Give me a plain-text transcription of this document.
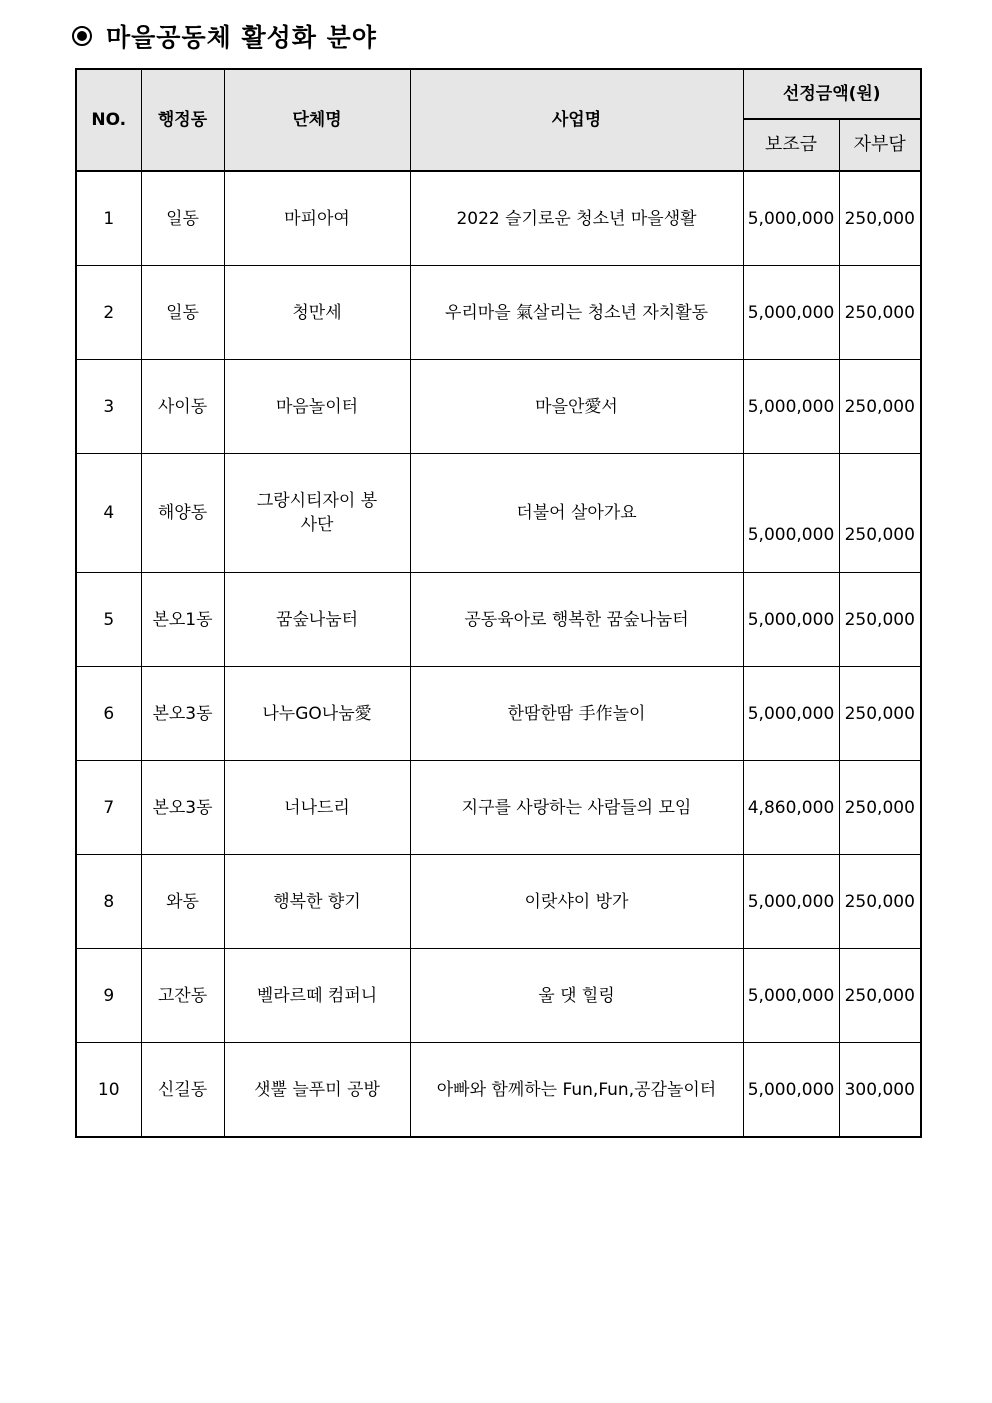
마을공동체 활성화 분야
NO.	행정동	단체명	사업명	선정금액(원)	
				보조금	자부담
1	일동	마피아여	2022 슬기로운 청소년 마을생활	5,000,000	250,000
2	일동	청만세	우리마을 氣살리는 청소년 자치활동	5,000,000	250,000
3	사이동	마음놀이터	마을안愛서	5,000,000	250,000
4	해양동	그랑시티자이 봉사단	더불어 살아가요	5,000,000	250,000
5	본오1동	꿈숲나눔터	공동육아로 행복한 꿈숲나눔터	5,000,000	250,000
6	본오3동	나누GO나눔愛	한땀한땀 手作놀이	5,000,000	250,000
7	본오3동	너나드리	지구를 사랑하는 사람들의 모임	4,860,000	250,000
8	와동	행복한 향기	이랏샤이 방가	5,000,000	250,000
9	고잔동	벨라르떼 컴퍼니	울 댓 힐링	5,000,000	250,000
10	신길동	샛뿔 늘푸미 공방	아빠와 함께하는 Fun,Fun,공감놀이터	5,000,000	300,000
